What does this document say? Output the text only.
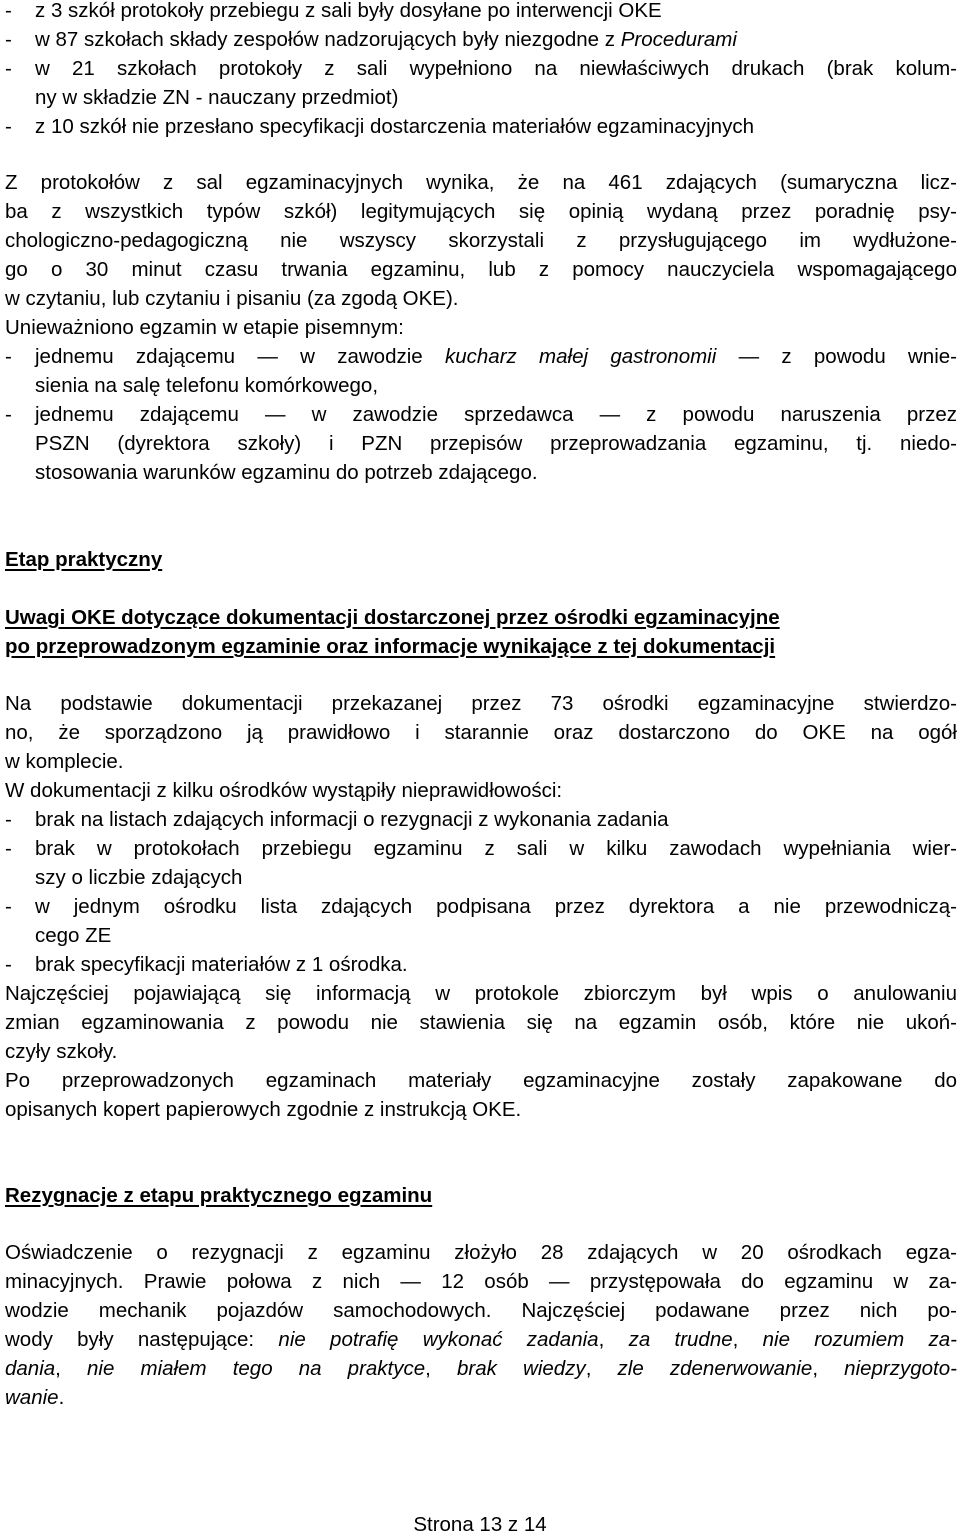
- z 3 szkół protokoły przebiegu z sali były dosyłane po interwencji OKE
- w 87 szkołach składy zespołów nadzorujących były niezgodne z Procedurami
- w 21 szkołach protokoły z sali wypełniono na niewłaściwych drukach (brak kolum-
ny w składzie ZN - nauczany przedmiot)
- z 10 szkół nie przesłano specyfikacji dostarczenia materiałów egzaminacyjnych
Z protokołów z sal egzaminacyjnych wynika, że na 461 zdających (sumaryczna licz-
ba z wszystkich typów szkół) legitymujących się opinią wydaną przez poradnię psy-
chologiczno-pedagogiczną nie wszyscy skorzystali z przysługującego im wydłużone-
go o 30 minut czasu trwania egzaminu, lub z pomocy nauczyciela wspomagającego
w czytaniu, lub czytaniu i pisaniu (za zgodą OKE).
Unieważniono egzamin w etapie pisemnym:
- jednemu zdającemu — w zawodzie kucharz małej gastronomii — z powodu wnie-
sienia na salę telefonu komórkowego,
- jednemu zdającemu — w zawodzie sprzedawca — z powodu naruszenia przez
PSZN (dyrektora szkoły) i PZN przepisów przeprowadzania egzaminu, tj. niedo-
stosowania warunków egzaminu do potrzeb zdającego.
Etap praktyczny
Uwagi OKE dotyczące dokumentacji dostarczonej przez ośrodki egzaminacyjne
po przeprowadzonym egzaminie oraz informacje wynikające z tej dokumentacji
Na podstawie dokumentacji przekazanej przez 73 ośrodki egzaminacyjne stwierdzo-
no, że sporządzono ją prawidłowo i starannie oraz dostarczono do OKE na ogół
w komplecie.
W dokumentacji z kilku ośrodków wystąpiły nieprawidłowości:
- brak na listach zdających informacji o rezygnacji z wykonania zadania
- brak w protokołach przebiegu egzaminu z sali w kilku zawodach wypełniania wier-
szy o liczbie zdających
- w jednym ośrodku lista zdających podpisana przez dyrektora a nie przewodniczą-
cego ZE
- brak specyfikacji materiałów z 1 ośrodka.
Najczęściej pojawiającą się informacją w protokole zbiorczym był wpis o anulowaniu
zmian egzaminowania z powodu nie stawienia się na egzamin osób, które nie ukoń-
czyły szkoły.
Po przeprowadzonych egzaminach materiały egzaminacyjne zostały zapakowane do
opisanych kopert papierowych zgodnie z instrukcją OKE.
Rezygnacje z etapu praktycznego egzaminu
Oświadczenie o rezygnacji z egzaminu złożyło 28 zdających w 20 ośrodkach egza-
minacyjnych. Prawie połowa z nich — 12 osób — przystępowała do egzaminu w za-
wodzie mechanik pojazdów samochodowych. Najczęściej podawane przez nich po-
wody były następujące: nie potrafię wykonać zadania, za trudne, nie rozumiem za-
dania, nie miałem tego na praktyce, brak wiedzy, zle zdenerwowanie, nieprzygoto-
wanie.
Strona 13 z 14
